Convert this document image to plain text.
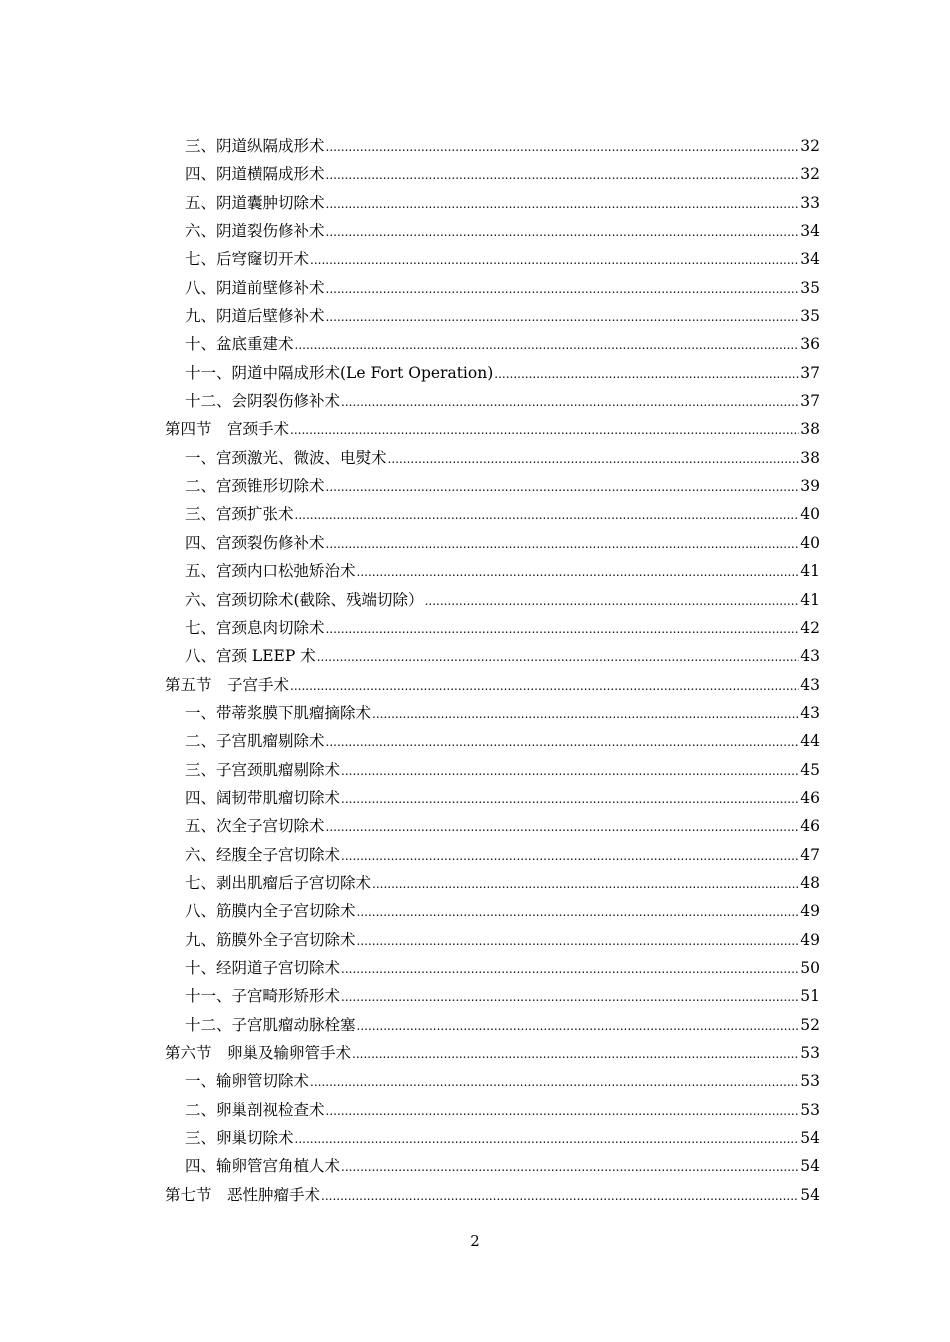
三、阴道纵隔成形术 .....	32
四、阴道横隔成形术 .....	32
五、阴道囊肿切除术 .....	33
六、阴道裂伤修补术 .....	34
七、后穹窿切开术 .....	34
八、阴道前壁修补术 .....	35
九、阴道后壁修补术 .....	35
十、盆底重建术 .....	36
十一、阴道中隔成形术(Le Fort Operation) .....	37
十二、会阴裂伤修补术 .....	37
第四节　宫颈手术 .....	38
一、宫颈激光、微波、电熨术 .....	38
二、宫颈锥形切除术 .....	39
三、宫颈扩张术 .....	40
四、宫颈裂伤修补术 .....	40
五、宫颈内口松弛矫治术 .....	41
六、宫颈切除术(截除、残端切除） .....	41
七、宫颈息肉切除术 .....	42
八、宫颈 LEEP 术 .....	43
第五节　子宫手术 .....	43
一、带蒂浆膜下肌瘤摘除术 .....	43
二、子宫肌瘤剔除术 .....	44
三、子宫颈肌瘤剔除术 .....	45
四、阔韧带肌瘤切除术 .....	46
五、次全子宫切除术 .....	46
六、经腹全子宫切除术 .....	47
七、剥出肌瘤后子宫切除术 .....	48
八、筋膜内全子宫切除术 .....	49
九、筋膜外全子宫切除术 .....	49
十、经阴道子宫切除术 .....	50
十一、子宫畸形矫形术 .....	51
十二、子宫肌瘤动脉栓塞 .....	52
第六节　卵巢及输卵管手术 .....	53
一、输卵管切除术 .....	53
二、卵巢剖视检查术 .....	53
三、卵巢切除术 .....	54
四、输卵管宫角植人术 .....	54
第七节　恶性肿瘤手术 .....	54
2
